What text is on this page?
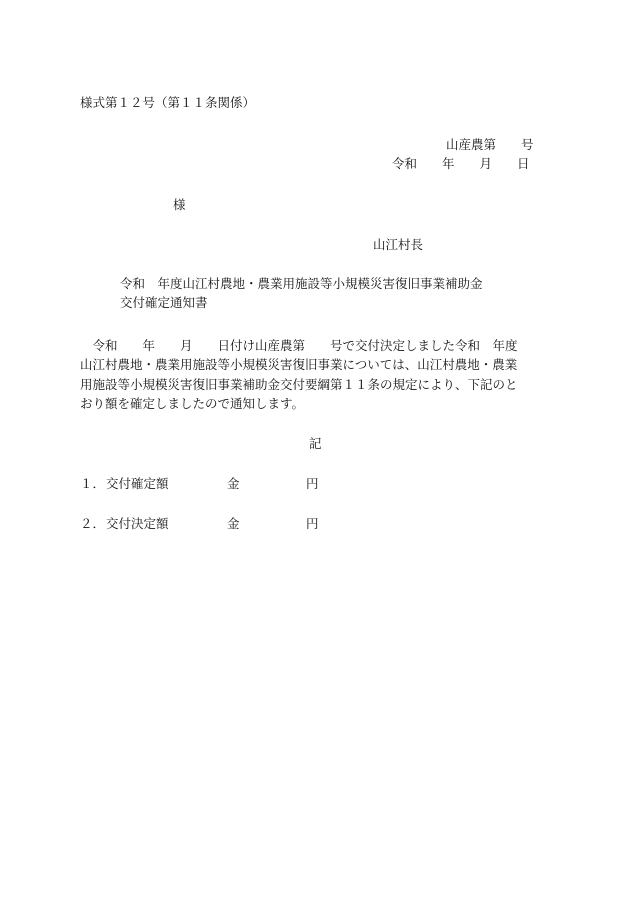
様式第１２号（第１１条関係）

山産農第　　号

令和　　年　　月　　日

様

山江村長

令和　年度山江村農地・農業用施設等小規模災害復旧事業補助金

交付確定通知書

　令和　　年　　月　　日付け山産農第　　号で交付決定しました令和　年度
山江村農地・農業用施設等小規模災害復旧事業については、山江村農地・農業
用施設等小規模災害復旧事業補助金交付要綱第１１条の規定により、下記のと
おり額を確定しましたので通知します。

記

１． 交付確定額	金	円
２． 交付決定額	金	円
